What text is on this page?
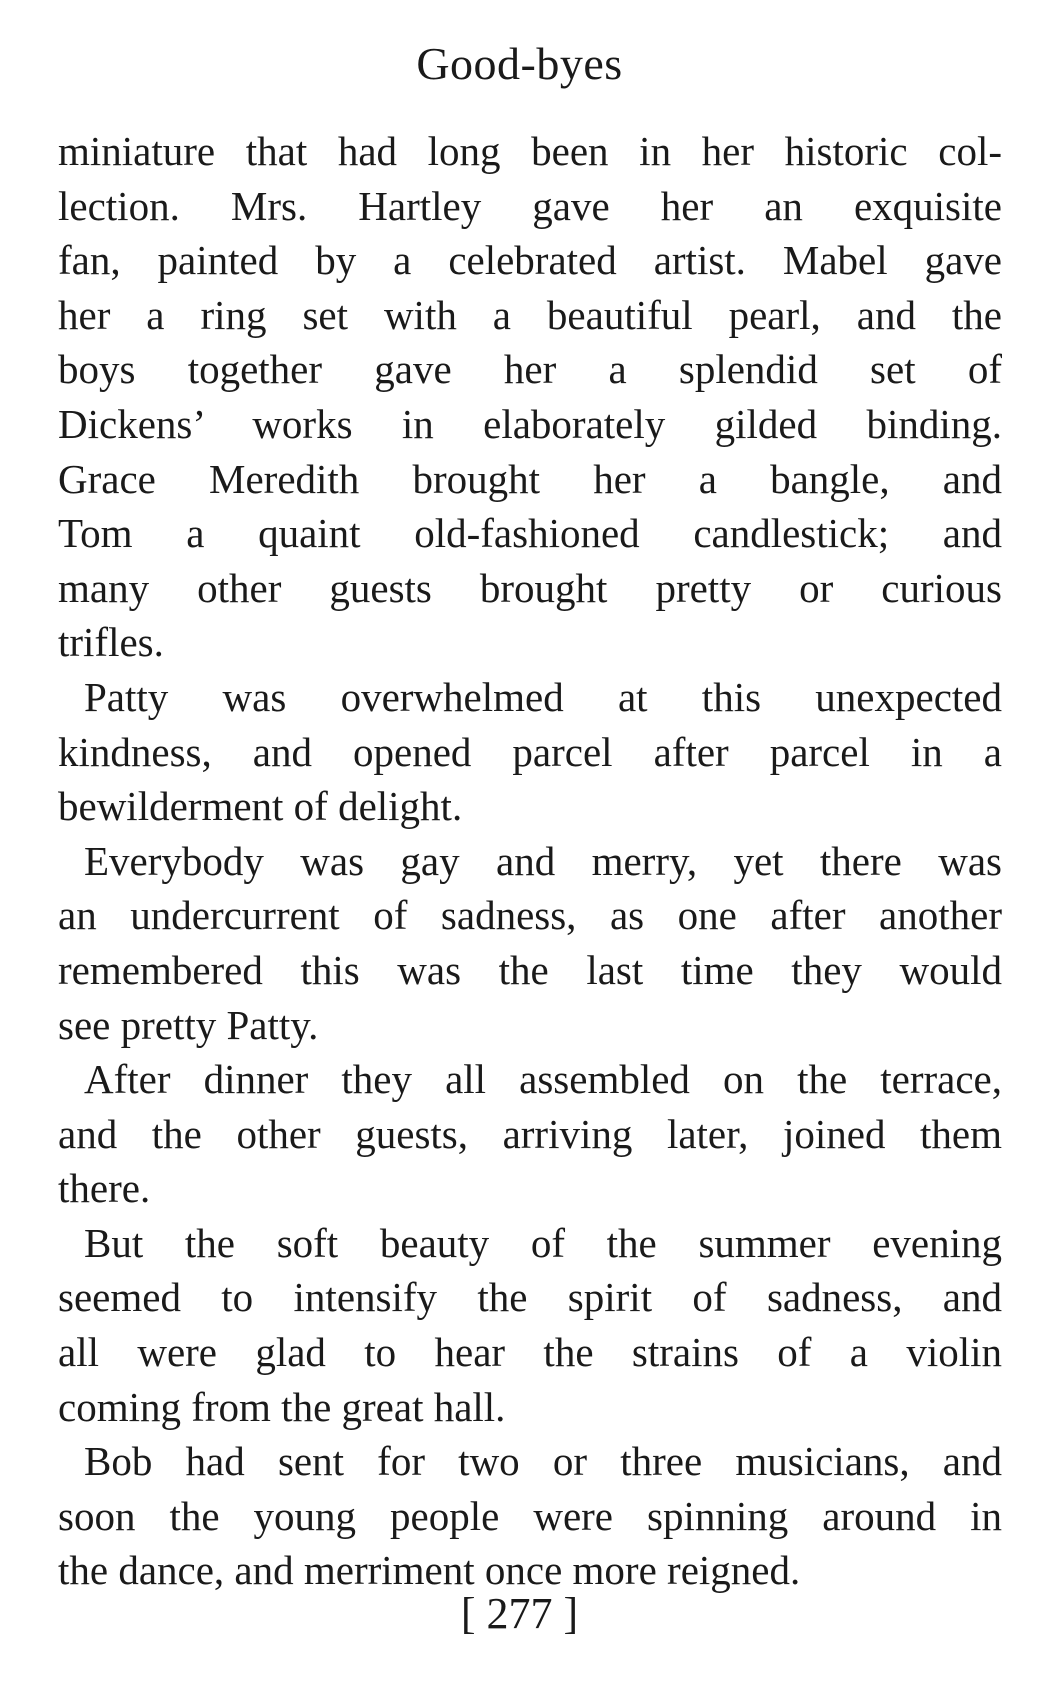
Good-byes
miniature that had long been in her historic col-
lection. Mrs. Hartley gave her an exquisite
fan, painted by a celebrated artist. Mabel gave
her a ring set with a beautiful pearl, and the
boys together gave her a splendid set of
Dickens’ works in elaborately gilded binding.
Grace Meredith brought her a bangle, and
Tom a quaint old-fashioned candlestick; and
many other guests brought pretty or curious
trifles.
Patty was overwhelmed at this unexpected
kindness, and opened parcel after parcel in a
bewilderment of delight.
Everybody was gay and merry, yet there was
an undercurrent of sadness, as one after another
remembered this was the last time they would
see pretty Patty.
After dinner they all assembled on the terrace,
and the other guests, arriving later, joined them
there.
But the soft beauty of the summer evening
seemed to intensify the spirit of sadness, and
all were glad to hear the strains of a violin
coming from the great hall.
Bob had sent for two or three musicians, and
soon the young people were spinning around in
the dance, and merriment once more reigned.
[ 277 ]
